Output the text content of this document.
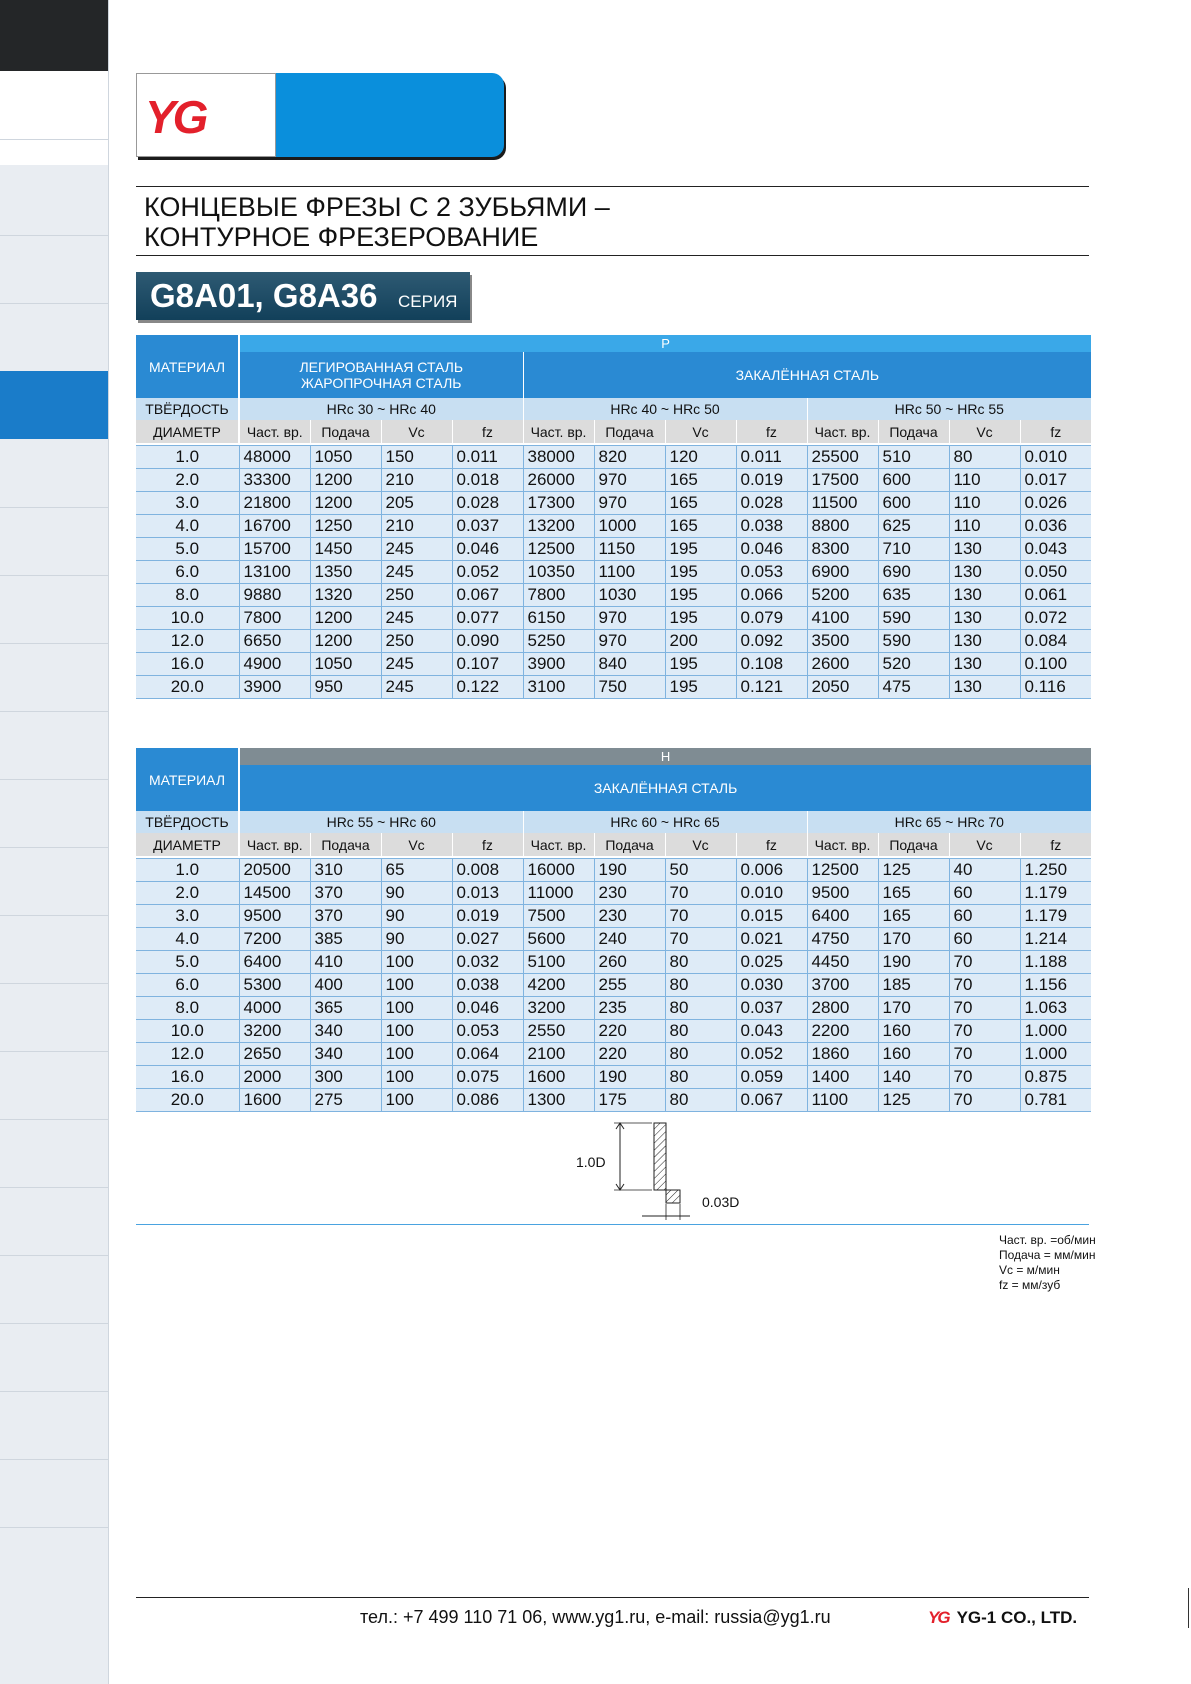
YG
КОНЦЕВЫЕ ФРЕЗЫ С 2 ЗУБЬЯМИ –
КОНТУРНОЕ ФРЕЗЕРОВАНИЕ
G8A01, G8A36 СЕРИЯ
МАТЕРИАЛ	P											

	ЛЕГИРОВАННАЯ СТАЛЬ
ЖАРОПРОЧНАЯ СТАЛЬ				ЗАКАЛЁННАЯ СТАЛЬ							
ТВЁРДОСТЬ	HRc 30 ~ HRc 40				HRc 40 ~ HRc 50				HRc 50 ~ HRc 55			
ДИАМЕТР	Част. вр.	Подача	Vc	fz	Част. вр.	Подача	Vc	fz	Част. вр.	Подача	Vc	fz

1.0	48000	1050	150	0.011	38000	820	120	0.011	25500	510	80	0.010
2.0	33300	1200	210	0.018	26000	970	165	0.019	17500	600	110	0.017
3.0	21800	1200	205	0.028	17300	970	165	0.028	11500	600	110	0.026
4.0	16700	1250	210	0.037	13200	1000	165	0.038	8800	625	110	0.036
5.0	15700	1450	245	0.046	12500	1150	195	0.046	8300	710	130	0.043
6.0	13100	1350	245	0.052	10350	1100	195	0.053	6900	690	130	0.050
8.0	9880	1320	250	0.067	7800	1030	195	0.066	5200	635	130	0.061
10.0	7800	1200	245	0.077	6150	970	195	0.079	4100	590	130	0.072
12.0	6650	1200	250	0.090	5250	970	200	0.092	3500	590	130	0.084
16.0	4900	1050	245	0.107	3900	840	195	0.108	2600	520	130	0.100
20.0	3900	950	245	0.122	3100	750	195	0.121	2050	475	130	0.116
МАТЕРИАЛ	H											
	ЗАКАЛЁННАЯ СТАЛЬ											
ТВЁРДОСТЬ	HRc 55 ~ HRc 60				HRc 60 ~ HRc 65				HRc 65 ~ HRc 70			
ДИАМЕТР	Част. вр.	Подача	Vc	fz	Част. вр.	Подача	Vc	fz	Част. вр.	Подача	Vc	fz

1.0	20500	310	65	0.008	16000	190	50	0.006	12500	125	40	1.250
2.0	14500	370	90	0.013	11000	230	70	0.010	9500	165	60	1.179
3.0	9500	370	90	0.019	7500	230	70	0.015	6400	165	60	1.179
4.0	7200	385	90	0.027	5600	240	70	0.021	4750	170	60	1.214
5.0	6400	410	100	0.032	5100	260	80	0.025	4450	190	70	1.188
6.0	5300	400	100	0.038	4200	255	80	0.030	3700	185	70	1.156
8.0	4000	365	100	0.046	3200	235	80	0.037	2800	170	70	1.063
10.0	3200	340	100	0.053	2550	220	80	0.043	2200	160	70	1.000
12.0	2650	340	100	0.064	2100	220	80	0.052	1860	160	70	1.000
16.0	2000	300	100	0.075	1600	190	80	0.059	1400	140	70	0.875
20.0	1600	275	100	0.086	1300	175	80	0.067	1100	125	70	0.781
1.0D
0.03D
Част. вр. =об/мин
Подача = мм/мин
Vc = м/мин
fz = мм/зуб
тел.: +7 499 110 71 06, www.yg1.ru, e-mail: russia@yg1.ru	YG YG-1 CO., LTD.
